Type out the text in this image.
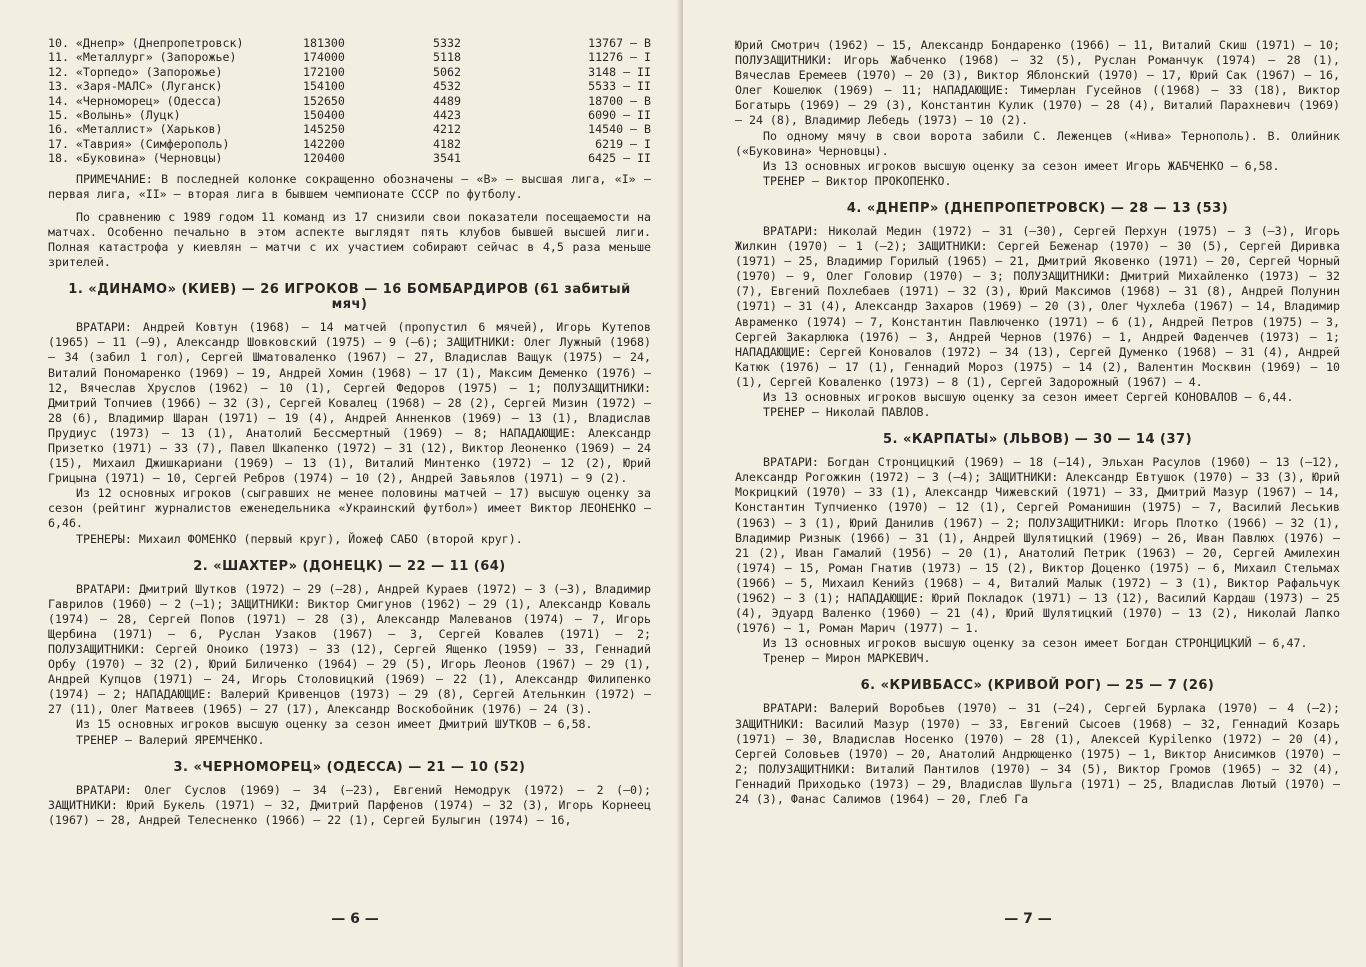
10. «Днепр» (Днепропетровск)	181300	5332	13767 — В
11. «Металлург» (Запорожье)	174000	5118	11276 — I
12. «Торпедо» (Запорожье)	172100	5062	3148 — II
13. «Заря-МАЛС» (Луганск)	154100	4532	5533 — II
14. «Черноморец» (Одесса)	152650	4489	18700 — В
15. «Волынь» (Луцк)	150400	4423	6090 — II
16. «Металлист» (Харьков)	145250	4212	14540 — В
17. «Таврия» (Симферополь)	142200	4182	6219 — I
18. «Буковина» (Черновцы)	120400	3541	6425 — II

ПРИМЕЧАНИЕ: В последней колонке сокращенно обозначены — «В» — высшая лига, «I» — первая лига, «II» — вторая лига в бывшем чемпионате СССР по футболу.

По сравнению с 1989 годом 11 команд из 17 снизили свои показатели посещаемости на матчах. Особенно печально в этом аспекте выглядят пять клубов бывшей высшей лиги. Полная катастрофа у киевлян — матчи с их участием собирают сейчас в 4,5 раза меньше зрителей.

1. «ДИНАМО» (КИЕВ) — 26 ИГРОКОВ — 16 БОМБАРДИРОВ (61 забитый мяч)

ВРАТАРИ: Андрей Ковтун (1968) — 14 матчей (пропустил 6 мячей), Игорь Кутепов (1965) — 11 (—9), Александр Шовковский (1975) — 9 (—6); ЗАЩИТНИКИ: Олег Лужный (1968) — 34 (забил 1 гол), Сергей Шматоваленко (1967) — 27, Владислав Ващук (1975) — 24, Виталий Пономаренко (1969) — 19, Андрей Хомин (1968) — 17 (1), Максим Деменко (1976) — 12, Вячеслав Хруслов (1962) — 10 (1), Сергей Федоров (1975) — 1; ПОЛУЗАЩИТНИКИ: Дмитрий Топчиев (1966) — 32 (3), Сергей Ковалец (1968) — 28 (2), Сергей Мизин (1972) — 28 (6), Владимир Шаран (1971) — 19 (4), Андрей Анненков (1969) — 13 (1), Владислав Прудиус (1973) — 13 (1), Анатолий Бессмертный (1969) — 8; НАПАДАЮЩИЕ: Александр Призетко (1971) — 33 (7), Павел Шкапенко (1972) — 31 (12), Виктор Леоненко (1969) — 24 (15), Михаил Джишкариани (1969) — 13 (1), Виталий Минтенко (1972) — 12 (2), Юрий Грицына (1971) — 10, Сергей Ребров (1974) — 10 (2), Андрей Завьялов (1971) — 9 (2).

Из 12 основных игроков (сыгравших не менее половины матчей — 17) высшую оценку за сезон (рейтинг журналистов еженедельника «Украинский футбол») имеет Виктор ЛЕОНЕНКО — 6,46.

ТРЕНЕРЫ: Михаил ФОМЕНКО (первый круг), Йожеф САБО (второй круг).

2. «ШАХТЕР» (ДОНЕЦК) — 22 — 11 (64)

ВРАТАРИ: Дмитрий Шутков (1972) — 29 (—28), Андрей Кураев (1972) — 3 (—3), Владимир Гаврилов (1960) — 2 (—1); ЗАЩИТНИКИ: Виктор Смигунов (1962) — 29 (1), Александр Коваль (1974) — 28, Сергей Попов (1971) — 28 (3), Александр Малеванов (1974) — 7, Игорь Щербина (1971) — 6, Руслан Узаков (1967) — 3, Сергей Ковалев (1971) — 2; ПОЛУЗАЩИТНИКИ: Сергей Оноико (1973) — 33 (12), Сергей Ященко (1959) — 33, Геннадий Орбу (1970) — 32 (2), Юрий Биличенко (1964) — 29 (5), Игорь Леонов (1967) — 29 (1), Андрей Купцов (1971) — 24, Игорь Столовицкий (1969) — 22 (1), Александр Филипенко (1974) — 2; НАПАДАЮЩИЕ: Валерий Кривенцов (1973) — 29 (8), Сергей Ательнкин (1972) — 27 (11), Олег Матвеев (1965) — 27 (17), Александр Воскобойник (1976) — 24 (3).

Из 15 основных игроков высшую оценку за сезон имеет Дмитрий ШУТКОВ — 6,58.

ТРЕНЕР — Валерий ЯРЕМЧЕНКО.

3. «ЧЕРНОМОРЕЦ» (ОДЕССА) — 21 — 10 (52)

ВРАТАРИ: Олег Суслов (1969) — 34 (—23), Евгений Немодрук (1972) — 2 (—0); ЗАЩИТНИКИ: Юрий Букель (1971) — 32, Дмитрий Парфенов (1974) — 32 (3), Игорь Корнеец (1967) — 28, Андрей Телесненко (1966) — 22 (1), Сергей Булыгин (1974) — 16,

— 6 —

Юрий Смотрич (1962) — 15, Александр Бондаренко (1966) — 11, Виталий Скиш (1971) — 10; ПОЛУЗАЩИТНИКИ: Игорь Жабченко (1968) — 32 (5), Руслан Романчук (1974) — 28 (1), Вячеслав Еремеев (1970) — 20 (3), Виктор Яблонский (1970) — 17, Юрий Сак (1967) — 16, Олег Кошелюк (1969) — 11; НАПАДАЮЩИЕ: Тимерлан Гусейнов ((1968) — 33 (18), Виктор Богатырь (1969) — 29 (3), Константин Кулик (1970) — 28 (4), Виталий Парахневич (1969) — 24 (8), Владимир Лебедь (1973) — 10 (2).

По одному мячу в свои ворота забили С. Леженцев («Нива» Тернополь). В. Олийник («Буковина» Черновцы).

Из 13 основных игроков высшую оценку за сезон имеет Игорь ЖАБЧЕНКО — 6,58.

ТРЕНЕР — Виктор ПРОКОПЕНКО.

4. «ДНЕПР» (ДНЕПРОПЕТРОВСК) — 28 — 13 (53)

ВРАТАРИ: Николай Медин (1972) — 31 (—30), Сергей Перхун (1975) — 3 (—3), Игорь Жилкин (1970) — 1 (—2); ЗАЩИТНИКИ: Сергей Беженар (1970) — 30 (5), Сергей Диривка (1971) — 25, Владимир Горилый (1965) — 21, Дмитрий Яковенко (1971) — 20, Сергей Чорный (1970) — 9, Олег Головир (1970) — 3; ПОЛУЗАЩИТНИКИ: Дмитрий Михайленко (1973) — 32 (7), Евгений Похлебаев (1971) — 32 (3), Юрий Максимов (1968) — 31 (8), Андрей Полунин (1971) — 31 (4), Александр Захаров (1969) — 20 (3), Олег Чухлеба (1967) — 14, Владимир Авраменко (1974) — 7, Константин Павлюченко (1971) — 6 (1), Андрей Петров (1975) — 3, Сергей Закарлюка (1976) — 3, Андрей Чернов (1976) — 1, Андрей Фаденчев (1973) — 1; НАПАДАЮЩИЕ: Сергей Коновалов (1972) — 34 (13), Сергей Думенко (1968) — 31 (4), Андрей Катюк (1976) — 17 (1), Геннадий Мороз (1975) — 14 (2), Валентин Москвин (1969) — 10 (1), Сергей Коваленко (1973) — 8 (1), Сергей Задорожный (1967) — 4.

Из 13 основных игроков высшую оценку за сезон имеет Сергей КОНОВАЛОВ — 6,44.

ТРЕНЕР — Николай ПАВЛОВ.

5. «КАРПАТЫ» (ЛЬВОВ) — 30 — 14 (37)

ВРАТАРИ: Богдан Стронцицкий (1969) — 18 (—14), Эльхан Расулов (1960) — 13 (—12), Александр Рогожкин (1972) — 3 (—4); ЗАЩИТНИКИ: Александр Евтушок (1970) — 33 (3), Юрий Мокрицкий (1970) — 33 (1), Александр Чижевский (1971) — 33, Дмитрий Мазур (1967) — 14, Константин Тупчиенко (1970) — 12 (1), Сергей Романишин (1975) — 7, Василий Леськив (1963) — 3 (1), Юрий Данилив (1967) — 2; ПОЛУЗАЩИТНИКИ: Игорь Плотко (1966) — 32 (1), Владимир Ризнык (1966) — 31 (1), Андрей Шулятицкий (1969) — 26, Иван Павлюх (1976) — 21 (2), Иван Гамалий (1956) — 20 (1), Анатолий Петрик (1963) — 20, Сергей Амилехин (1974) — 15, Роман Гнатив (1973) — 15 (2), Виктор Доценко (1975) — 6, Михаил Стельмах (1966) — 5, Михаил Кенийз (1968) — 4, Виталий Малык (1972) — 3 (1), Виктор Рафальчук (1962) — 3 (1); НАПАДАЮЩИЕ: Юрий Покладок (1971) — 13 (12), Василий Кардаш (1973) — 25 (4), Эдуард Валенко (1960) — 21 (4), Юрий Шулятицкий (1970) — 13 (2), Николай Лапко (1976) — 1, Роман Марич (1977) — 1.

Из 13 основных игроков высшую оценку за сезон имеет Богдан СТРОНЦИЦКИЙ — 6,47.

Тренер — Мирон МАРКЕВИЧ.

6. «КРИВБАСС» (КРИВОЙ РОГ) — 25 — 7 (26)

ВРАТАРИ: Валерий Воробьев (1970) — 31 (—24), Сергей Бурлака (1970) — 4 (—2); ЗАЩИТНИКИ: Василий Мазур (1970) — 33, Евгений Сысоев (1968) — 32, Геннадий Козарь (1971) — 30, Владислав Носенко (1970) — 28 (1), Алексей Курilenко (1972) — 20 (4), Сергей Соловьев (1970) — 20, Анатолий Андрющенко (1975) — 1, Виктор Анисимков (1970) — 2; ПОЛУЗАЩИТНИКИ: Виталий Пантилов (1970) — 34 (5), Виктор Громов (1965) — 32 (4), Геннадий Приходько (1973) — 29, Владислав Шульга (1971) — 25, Владислав Лютый (1970) — 24 (3), Фанас Салимов (1964) — 20, Глеб Га

— 7 —
